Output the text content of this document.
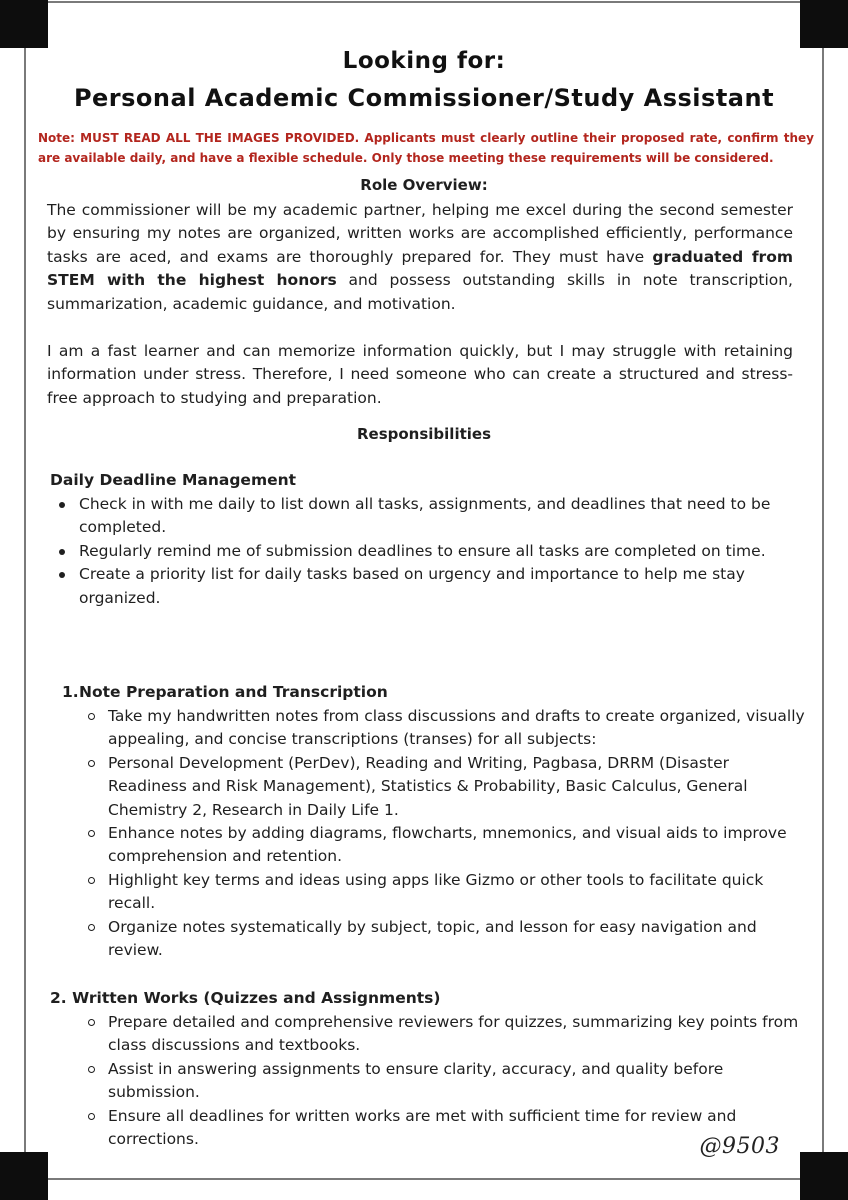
Looking for:
Personal Academic Commissioner/Study Assistant
Note: MUST READ ALL THE IMAGES PROVIDED. Applicants must clearly outline their proposed rate, confirm they are available daily, and have a flexible schedule. Only those meeting these requirements will be considered.
Role Overview:
The commissioner will be my academic partner, helping me excel during the second semester by ensuring my notes are organized, written works are accomplished efficiently, performance tasks are aced, and exams are thoroughly prepared for. They must have graduated from STEM with the highest honors and possess outstanding skills in note transcription, summarization, academic guidance, and motivation.
I am a fast learner and can memorize information quickly, but I may struggle with retaining information under stress. Therefore, I need someone who can create a structured and stress-free approach to studying and preparation.
Responsibilities
Daily Deadline Management
Check in with me daily to list down all tasks, assignments, and deadlines that need to be completed.
Regularly remind me of submission deadlines to ensure all tasks are completed on time.
Create a priority list for daily tasks based on urgency and importance to help me stay organized.
1. Note Preparation and Transcription
Take my handwritten notes from class discussions and drafts to create organized, visually appealing, and concise transcriptions (transes) for all subjects:
Personal Development (PerDev), Reading and Writing, Pagbasa, DRRM (Disaster Readiness and Risk Management), Statistics & Probability, Basic Calculus, General Chemistry 2, Research in Daily Life 1.
Enhance notes by adding diagrams, flowcharts, mnemonics, and visual aids to improve comprehension and retention.
Highlight key terms and ideas using apps like Gizmo or other tools to facilitate quick recall.
Organize notes systematically by subject, topic, and lesson for easy navigation and review.
2. Written Works (Quizzes and Assignments)
Prepare detailed and comprehensive reviewers for quizzes, summarizing key points from class discussions and textbooks.
Assist in answering assignments to ensure clarity, accuracy, and quality before submission.
Ensure all deadlines for written works are met with sufficient time for review and corrections.	@9503
